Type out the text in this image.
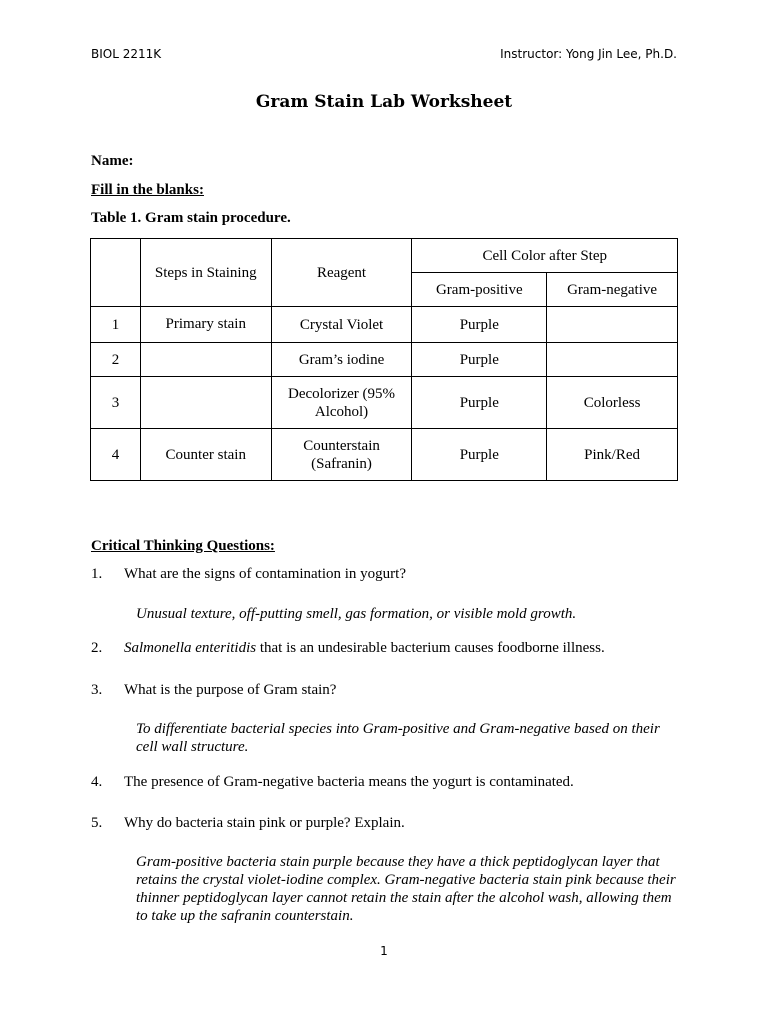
BIOL 2211K	Instructor: Yong Jin Lee, Ph.D.
Gram Stain Lab Worksheet
Name:
Fill in the blanks:
Table 1. Gram stain procedure.
	Steps in Staining	Reagent	Cell Color after Step	
			Gram-positive	Gram-negative
1	Primary stain	Crystal Violet	Purple	
2		Gram’s iodine	Purple	
3		Decolorizer (95% Alcohol)	Purple	Colorless
4	Counter stain	Counterstain (Safranin)	Purple	Pink/Red
Critical Thinking Questions:
1. What are the signs of contamination in yogurt?
Unusual texture, off-putting smell, gas formation, or visible mold growth.
2. Salmonella enteritidis that is an undesirable bacterium causes foodborne illness.
3. What is the purpose of Gram stain?
To differentiate bacterial species into Gram-positive and Gram-negative based on their cell wall structure.
4. The presence of Gram-negative bacteria means the yogurt is contaminated.
5. Why do bacteria stain pink or purple? Explain.
Gram-positive bacteria stain purple because they have a thick peptidoglycan layer that retains the crystal violet-iodine complex. Gram-negative bacteria stain pink because their thinner peptidoglycan layer cannot retain the stain after the alcohol wash, allowing them to take up the safranin counterstain.
1
